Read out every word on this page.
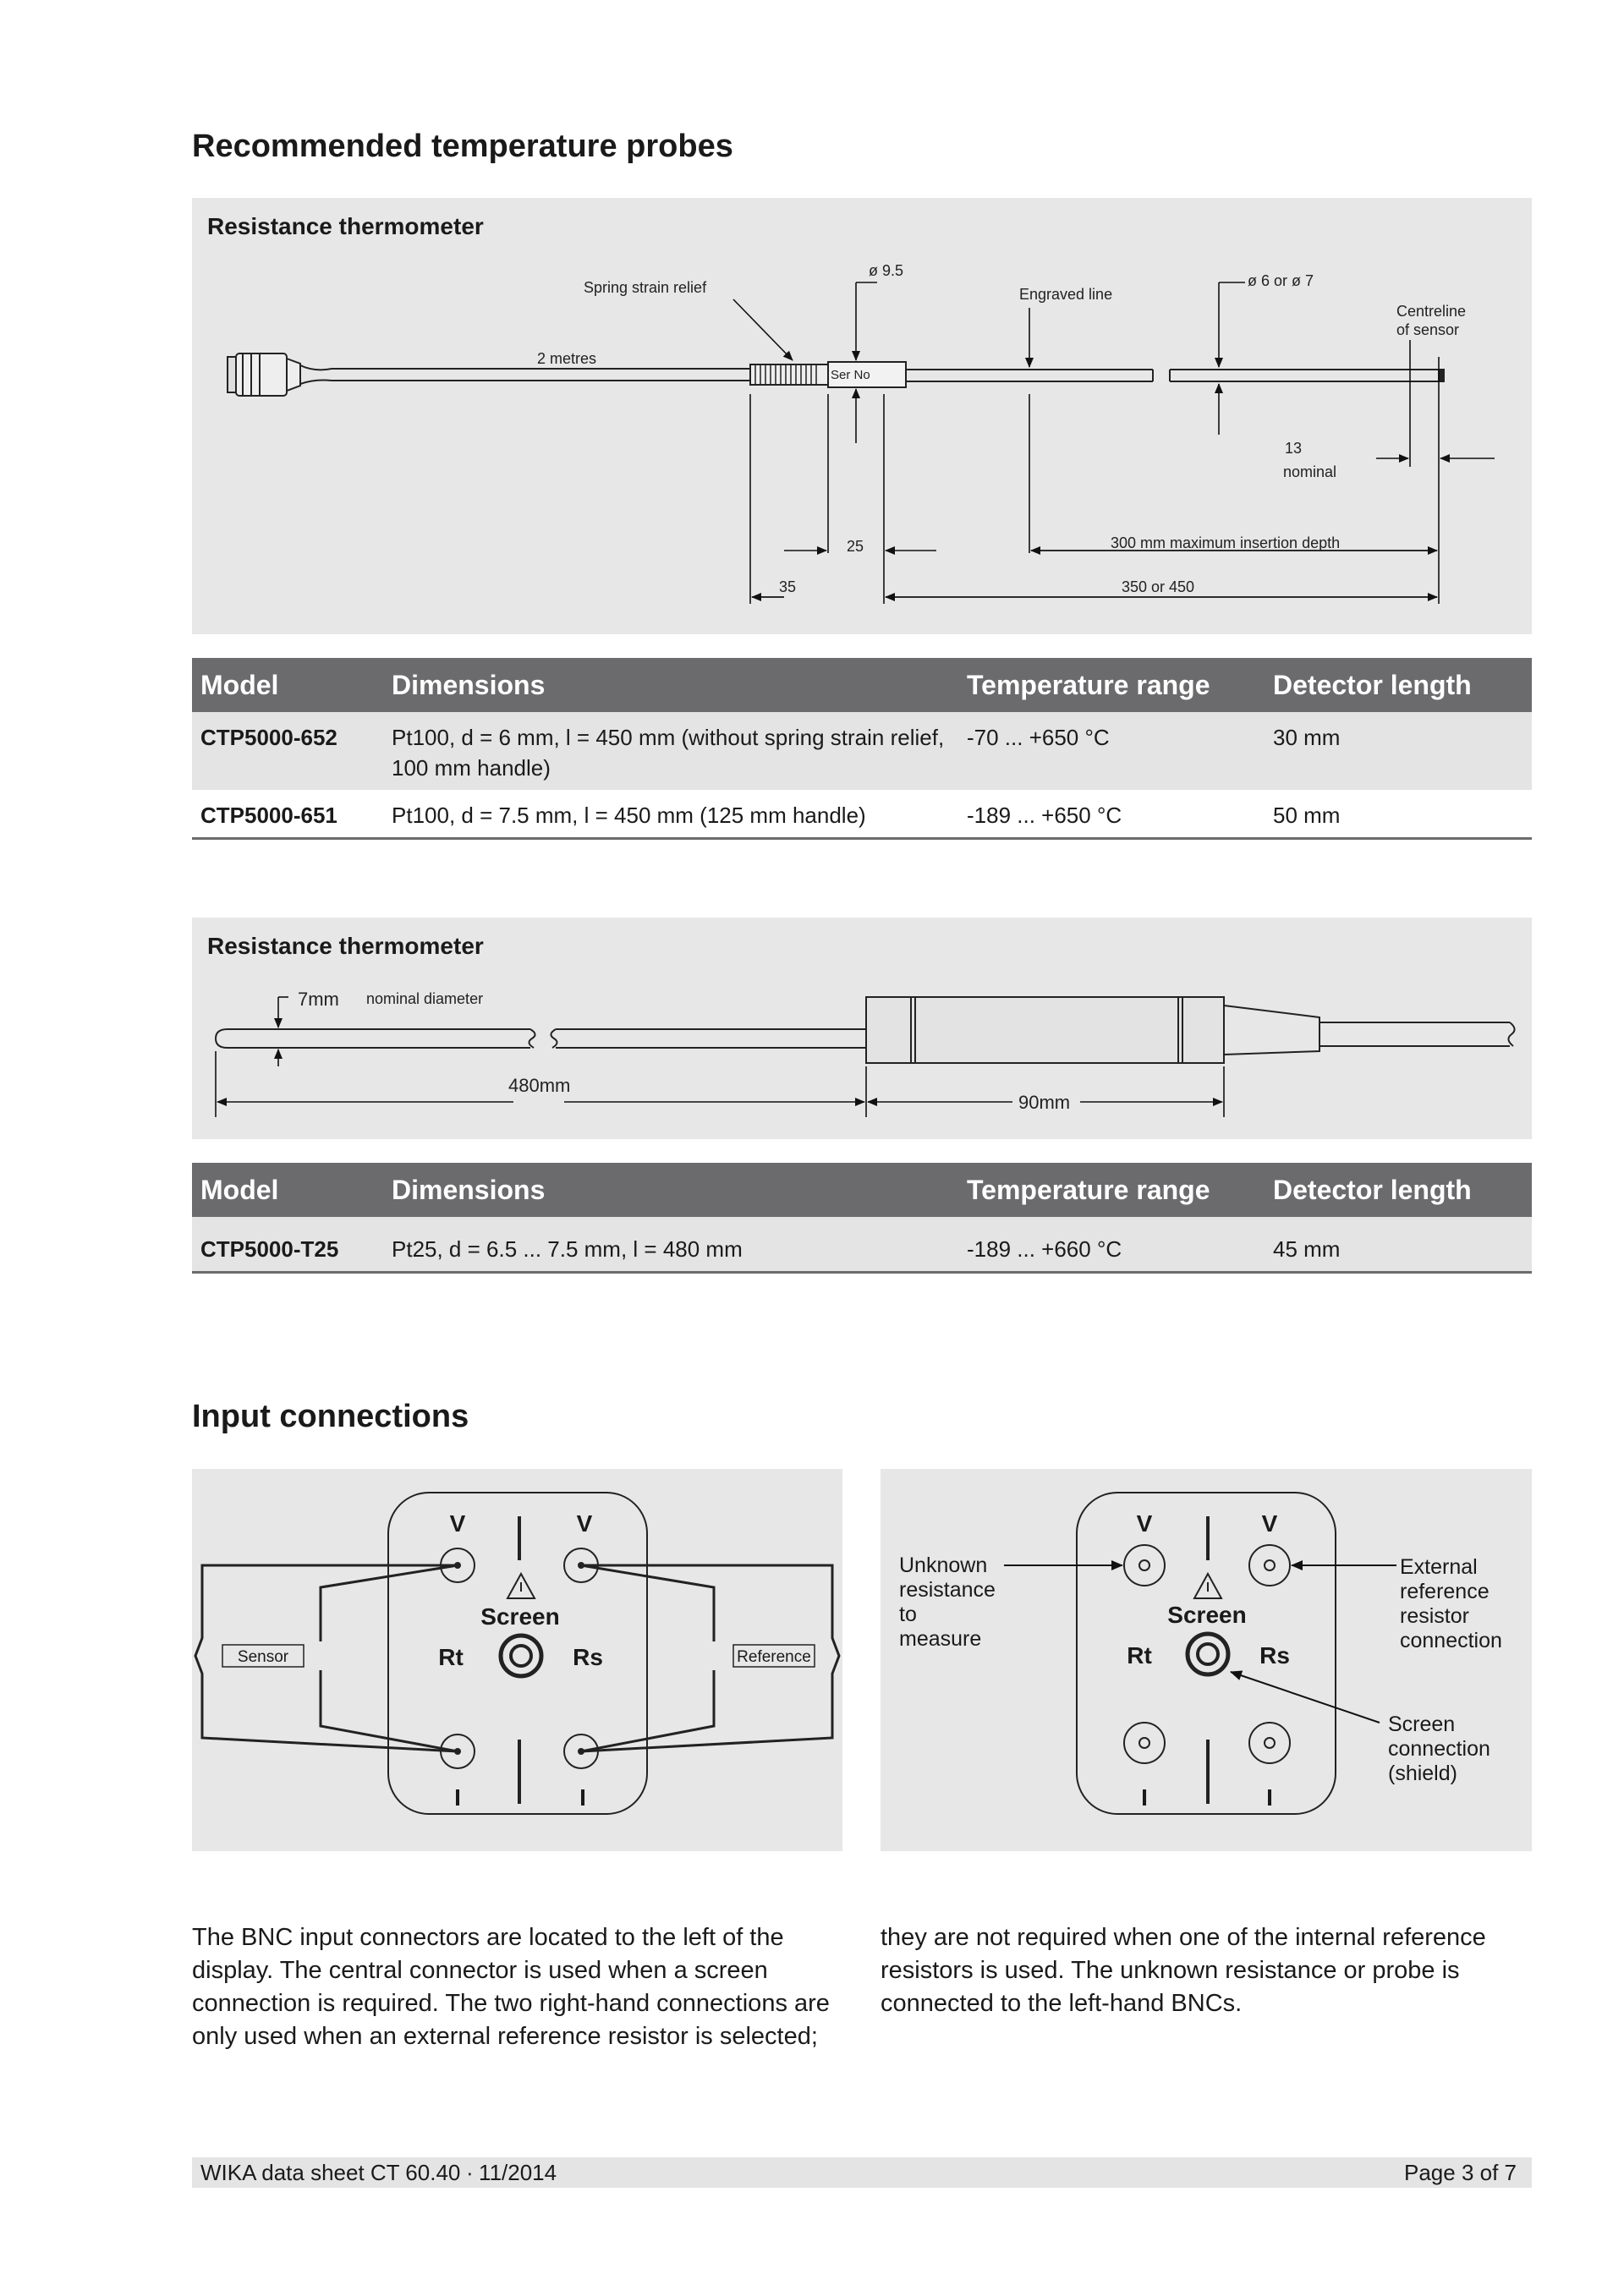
Recommended temperature probes
Resistance thermometer
Spring strain relief
ø 9.5
Engraved line
ø 6 or ø 7
Centreline
of sensor
2 metres
13
nominal
25	300 mm maximum insertion depth
35	350 or 450
Ser No
Model	Dimensions	Temperature range	Detector length
CTP5000-652	Pt100, d = 6 mm, l = 450 mm (without spring strain relief,
100 mm handle)	-70 ... +650 °C	30 mm
CTP5000-651	Pt100, d = 7.5 mm, l = 450 mm (125 mm handle)	-189 ... +650 °C	50 mm
Resistance thermometer
7mm nominal diameter
480mm
90mm
Model	Dimensions	Temperature range	Detector length
CTP5000-T25	Pt25, d = 6.5 ... 7.5 mm, l = 480 mm	-189 ... +660 °C	45 mm
Input connections
V	V
Screen
Rt	Rs
I	I
Sensor	Reference
V	V
Screen
Rt	Rs
I	I
Unknown
resistance
to
measure
External
reference
resistor
connection
Screen
connection
(shield)
The BNC input connectors are located to the left of the
display. The central connector is used when a screen
connection is required. The two right-hand connections are
only used when an external reference resistor is selected;
they are not required when one of the internal reference
resistors is used. The unknown resistance or probe is
connected to the left-hand BNCs.
WIKA data sheet CT 60.40 ∙ 11/2014	Page 3 of 7
